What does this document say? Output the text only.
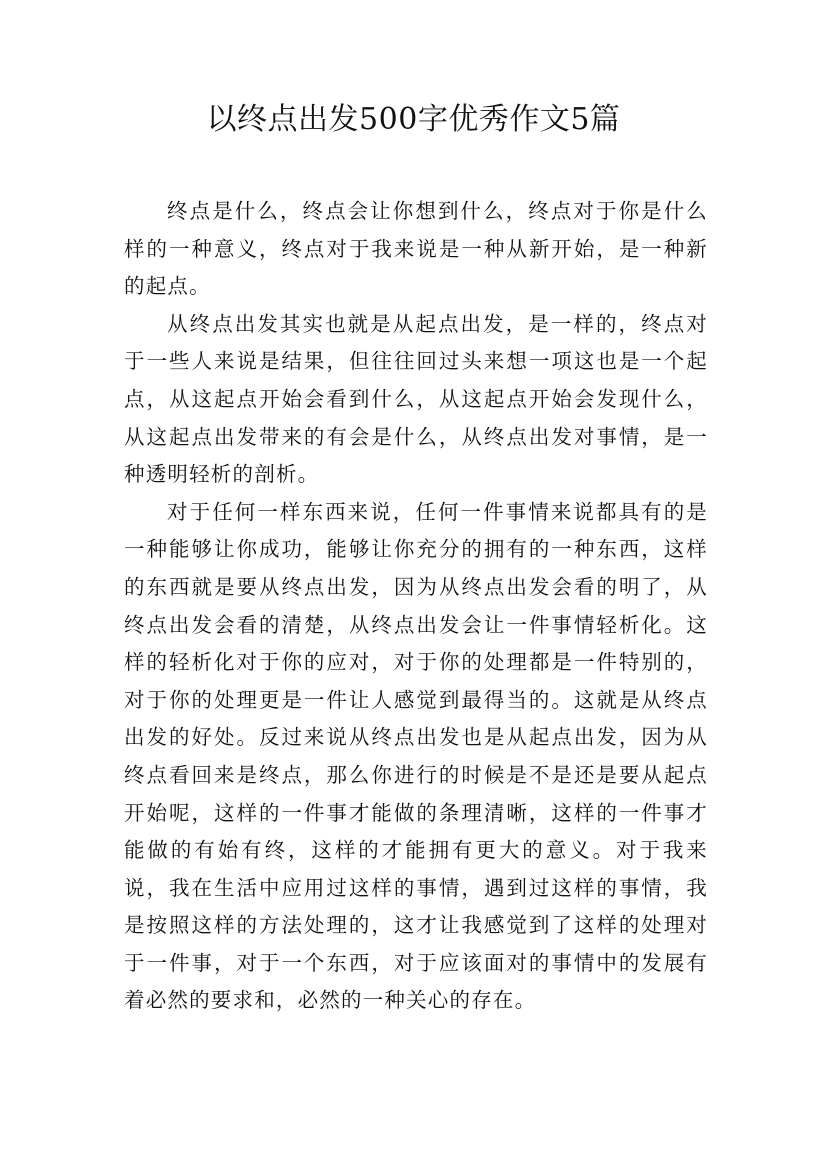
以终点出发500字优秀作文5篇

终点是什么，终点会让你想到什么，终点对于你是什么样的一种意义，终点对于我来说是一种从新开始，是一种新的起点。

从终点出发其实也就是从起点出发，是一样的，终点对于一些人来说是结果，但往往回过头来想一项这也是一个起点，从这起点开始会看到什么，从这起点开始会发现什么，从这起点出发带来的有会是什么，从终点出发对事情，是一种透明轻析的剖析。

对于任何一样东西来说，任何一件事情来说都具有的是一种能够让你成功，能够让你充分的拥有的一种东西，这样的东西就是要从终点出发，因为从终点出发会看的明了，从终点出发会看的清楚，从终点出发会让一件事情轻析化。这样的轻析化对于你的应对，对于你的处理都是一件特别的，对于你的处理更是一件让人感觉到最得当的。这就是从终点出发的好处。反过来说从终点出发也是从起点出发，因为从终点看回来是终点，那么你进行的时候是不是还是要从起点开始呢，这样的一件事才能做的条理清晰，这样的一件事才能做的有始有终，这样的才能拥有更大的意义。对于我来说，我在生活中应用过这样的事情，遇到过这样的事情，我是按照这样的方法处理的，这才让我感觉到了这样的处理对于一件事，对于一个东西，对于应该面对的事情中的发展有着必然的要求和，必然的一种关心的存在。
